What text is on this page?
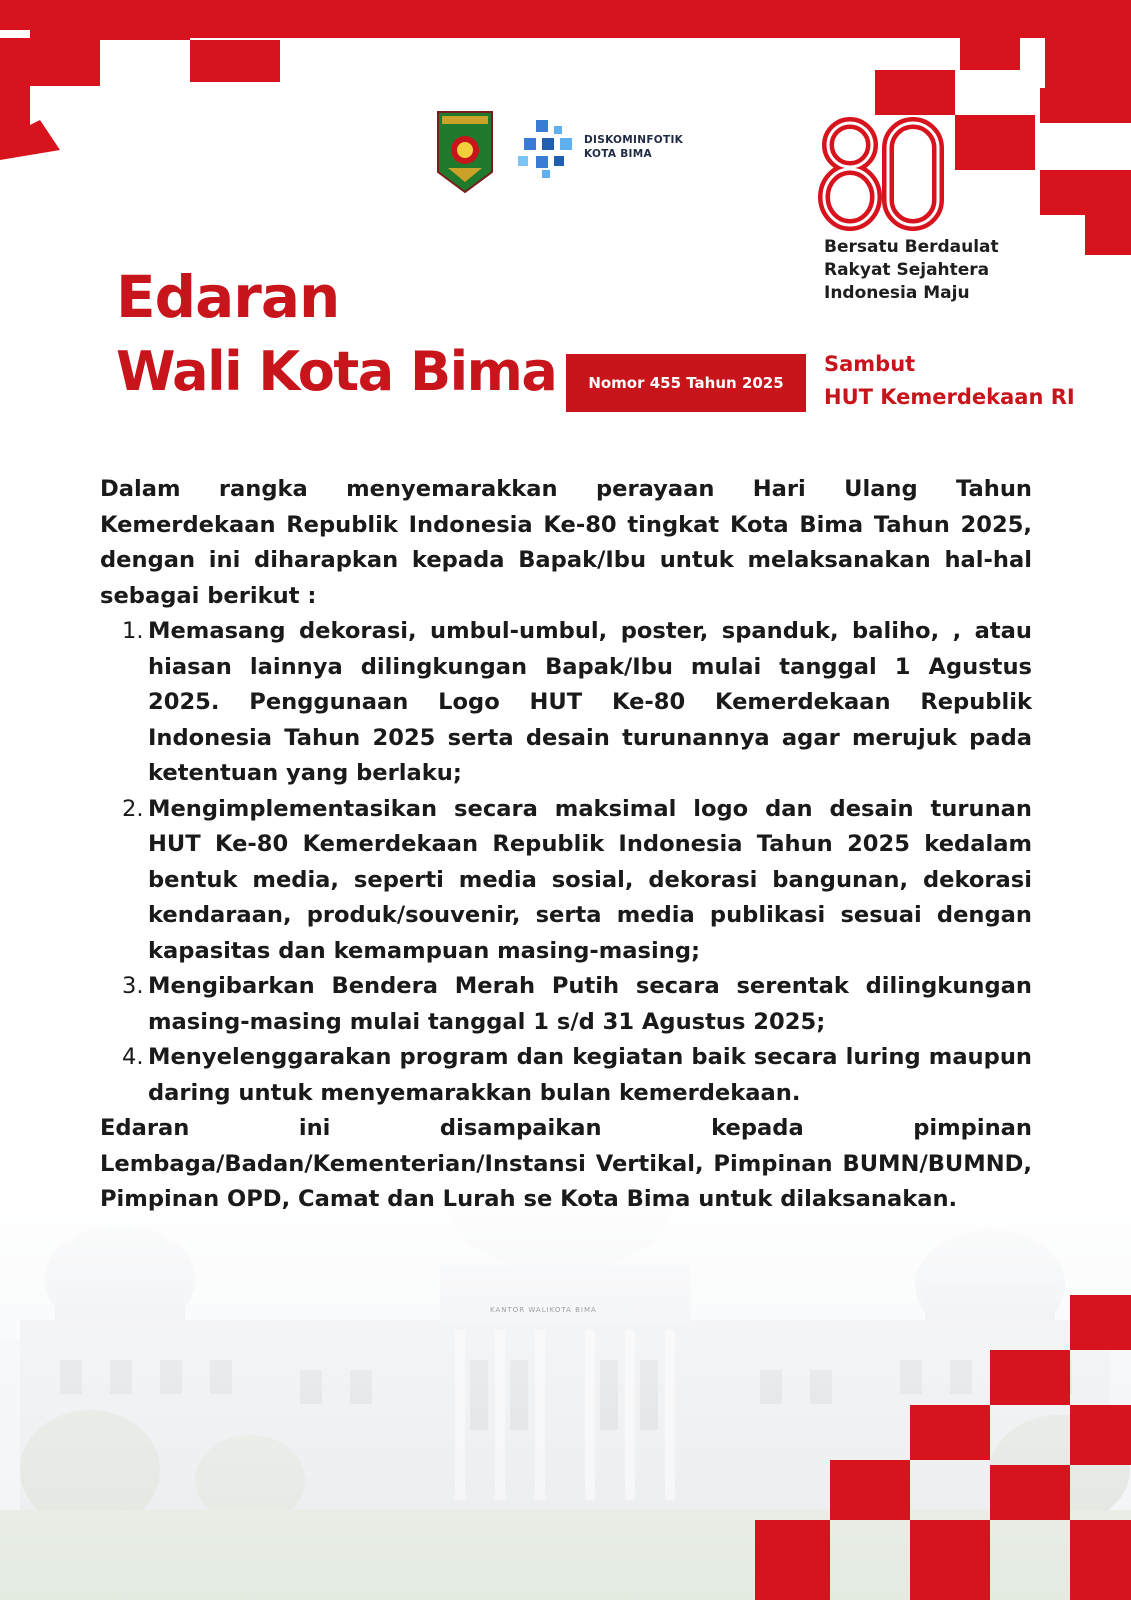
KANTOR WALIKOTA BIMA
DISKOMINFOTIK
KOTA BIMA
Bersatu Berdaulat
Rakyat Sejahtera
Indonesia Maju
Edaran
Wali Kota Bima	Nomor 455 Tahun 2025
Sambut
HUT Kemerdekaan RI

Dalam rangka menyemarakkan perayaan Hari Ulang Tahun Kemerdekaan Republik Indonesia Ke-80 tingkat Kota Bima Tahun 2025, dengan ini diharapkan kepada Bapak/Ibu untuk melaksanakan hal-hal sebagai berikut :

1. Memasang dekorasi, umbul-umbul, poster, spanduk, baliho, , atau hiasan lainnya dilingkungan Bapak/Ibu mulai tanggal 1 Agustus 2025. Penggunaan Logo HUT Ke-80 Kemerdekaan Republik Indonesia Tahun 2025 serta desain turunannya agar merujuk pada ketentuan yang berlaku;
2. Mengimplementasikan secara maksimal logo dan desain turunan HUT Ke-80 Kemerdekaan Republik Indonesia Tahun 2025 kedalam bentuk media, seperti media sosial, dekorasi bangunan, dekorasi kendaraan, produk/souvenir, serta media publikasi sesuai dengan kapasitas dan kemampuan masing-masing;
3. Mengibarkan Bendera Merah Putih secara serentak dilingkungan masing-masing mulai tanggal 1 s/d 31 Agustus 2025;
4. Menyelenggarakan program dan kegiatan baik secara luring maupun daring untuk menyemarakkan bulan kemerdekaan.

Edaran ini disampaikan kepada pimpinan Lembaga/Badan/Kementerian/Instansi Vertikal, Pimpinan BUMN/BUMND, Pimpinan OPD, Camat dan Lurah se Kota Bima untuk dilaksanakan.
